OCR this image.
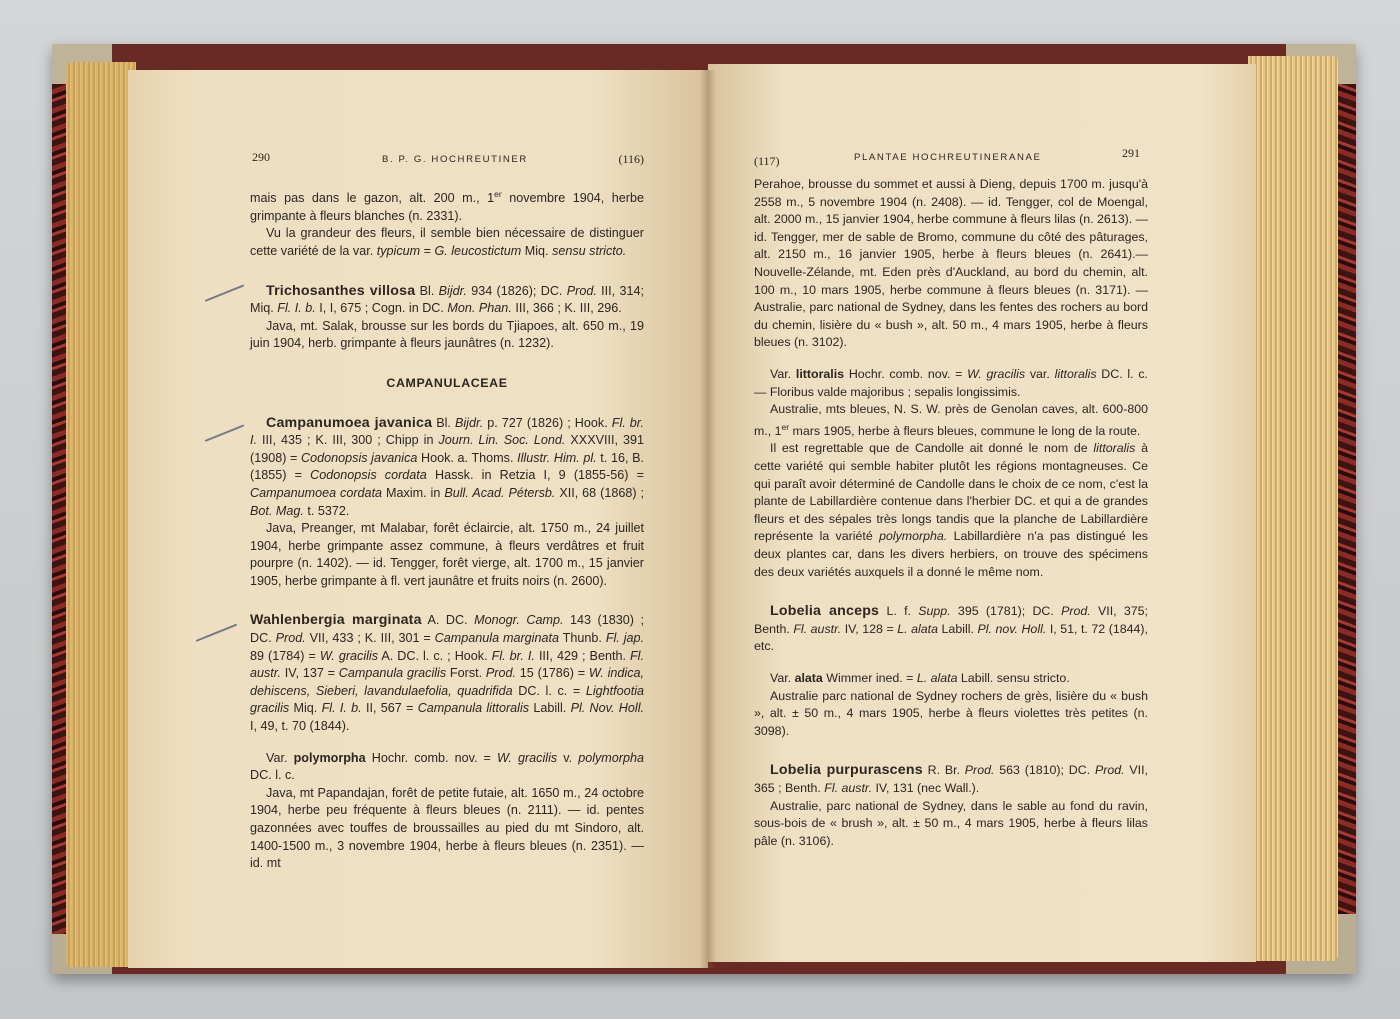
290	B. P. G. HOCHREUTINER	(116)

mais pas dans le gazon, alt. 200 m., 1er novembre 1904, herbe grimpante à fleurs blanches (n. 2331).

Vu la grandeur des fleurs, il semble bien nécessaire de distinguer cette variété de la var. typicum = G. leucostictum Miq. sensu stricto.

Trichosanthes villosa Bl. Bijdr. 934 (1826); DC. Prod. III, 314; Miq. Fl. I. b. I, I, 675 ; Cogn. in DC. Mon. Phan. III, 366 ; K. III, 296.

Java, mt. Salak, brousse sur les bords du Tjiapoes, alt. 650 m., 19 juin 1904, herb. grimpante à fleurs jaunâtres (n. 1232).

CAMPANULACEAE

Campanumoea javanica Bl. Bijdr. p. 727 (1826) ; Hook. Fl. br. I. III, 435 ; K. III, 300 ; Chipp in Journ. Lin. Soc. Lond. XXXVIII, 391 (1908) = Codonopsis javanica Hook. a. Thoms. Illustr. Him. pl. t. 16, B. (1855) = Codonopsis cordata Hassk. in Retzia I, 9 (1855-56) = Campanumoea cordata Maxim. in Bull. Acad. Pétersb. XII, 68 (1868) ; Bot. Mag. t. 5372.

Java, Preanger, mt Malabar, forêt éclaircie, alt. 1750 m., 24 juillet 1904, herbe grimpante assez commune, à fleurs verdâtres et fruit pourpre (n. 1402). — id. Tengger, forêt vierge, alt. 1700 m., 15 janvier 1905, herbe grimpante à fl. vert jaunâtre et fruits noirs (n. 2600).

Wahlenbergia marginata A. DC. Monogr. Camp. 143 (1830) ; DC. Prod. VII, 433 ; K. III, 301 = Campanula marginata Thunb. Fl. jap. 89 (1784) = W. gracilis A. DC. l. c. ; Hook. Fl. br. I. III, 429 ; Benth. Fl. austr. IV, 137 = Campanula gracilis Forst. Prod. 15 (1786) = W. indica, dehiscens, Sieberi, lavandulaefolia, quadrifida DC. l. c. = Lightfootia gracilis Miq. Fl. I. b. II, 567 = Campanula littoralis Labill. Pl. Nov. Holl. I, 49, t. 70 (1844).

Var. polymorpha Hochr. comb. nov. = W. gracilis v. polymorpha DC. l. c.

Java, mt Papandajan, forêt de petite futaie, alt. 1650 m., 24 octobre 1904, herbe peu fréquente à fleurs bleues (n. 2111). — id. pentes gazonnées avec touffes de broussailles au pied du mt Sindoro, alt. 1400-1500 m., 3 novembre 1904, herbe à fleurs bleues (n. 2351). — id. mt

(117)	PLANTAE HOCHREUTINERANAE	291

Perahoe, brousse du sommet et aussi à Dieng, depuis 1700 m. jusqu'à 2558 m., 5 novembre 1904 (n. 2408). — id. Tengger, col de Moengal, alt. 2000 m., 15 janvier 1904, herbe commune à fleurs lilas (n. 2613). — id. Tengger, mer de sable de Bromo, commune du côté des pâturages, alt. 2150 m., 16 janvier 1905, herbe à fleurs bleues (n. 2641).— Nouvelle-Zélande, mt. Eden près d'Auckland, au bord du chemin, alt. 100 m., 10 mars 1905, herbe commune à fleurs bleues (n. 3171). — Australie, parc national de Sydney, dans les fentes des rochers au bord du chemin, lisière du « bush », alt. 50 m., 4 mars 1905, herbe à fleurs bleues (n. 3102).

Var. littoralis Hochr. comb. nov. = W. gracilis var. littoralis DC. l. c. — Floribus valde majoribus ; sepalis longissimis.

Australie, mts bleues, N. S. W. près de Genolan caves, alt. 600-800 m., 1er mars 1905, herbe à fleurs bleues, commune le long de la route.

Il est regrettable que de Candolle ait donné le nom de littoralis à cette variété qui semble habiter plutôt les régions montagneuses. Ce qui paraît avoir déterminé de Candolle dans le choix de ce nom, c'est la plante de Labillardière contenue dans l'herbier DC. et qui a de grandes fleurs et des sépales très longs tandis que la planche de Labillardière représente la variété polymorpha. Labillardière n'a pas distingué les deux plantes car, dans les divers herbiers, on trouve des spécimens des deux variétés auxquels il a donné le même nom.

Lobelia anceps L. f. Supp. 395 (1781); DC. Prod. VII, 375; Benth. Fl. austr. IV, 128 = L. alata Labill. Pl. nov. Holl. I, 51, t. 72 (1844), etc.

Var. alata Wimmer ined. = L. alata Labill. sensu stricto.

Australie parc national de Sydney rochers de grès, lisière du « bush », alt. ± 50 m., 4 mars 1905, herbe à fleurs violettes très petites (n. 3098).

Lobelia purpurascens R. Br. Prod. 563 (1810); DC. Prod. VII, 365 ; Benth. Fl. austr. IV, 131 (nec Wall.).

Australie, parc national de Sydney, dans le sable au fond du ravin, sous-bois de « brush », alt. ± 50 m., 4 mars 1905, herbe à fleurs lilas pâle (n. 3106).
